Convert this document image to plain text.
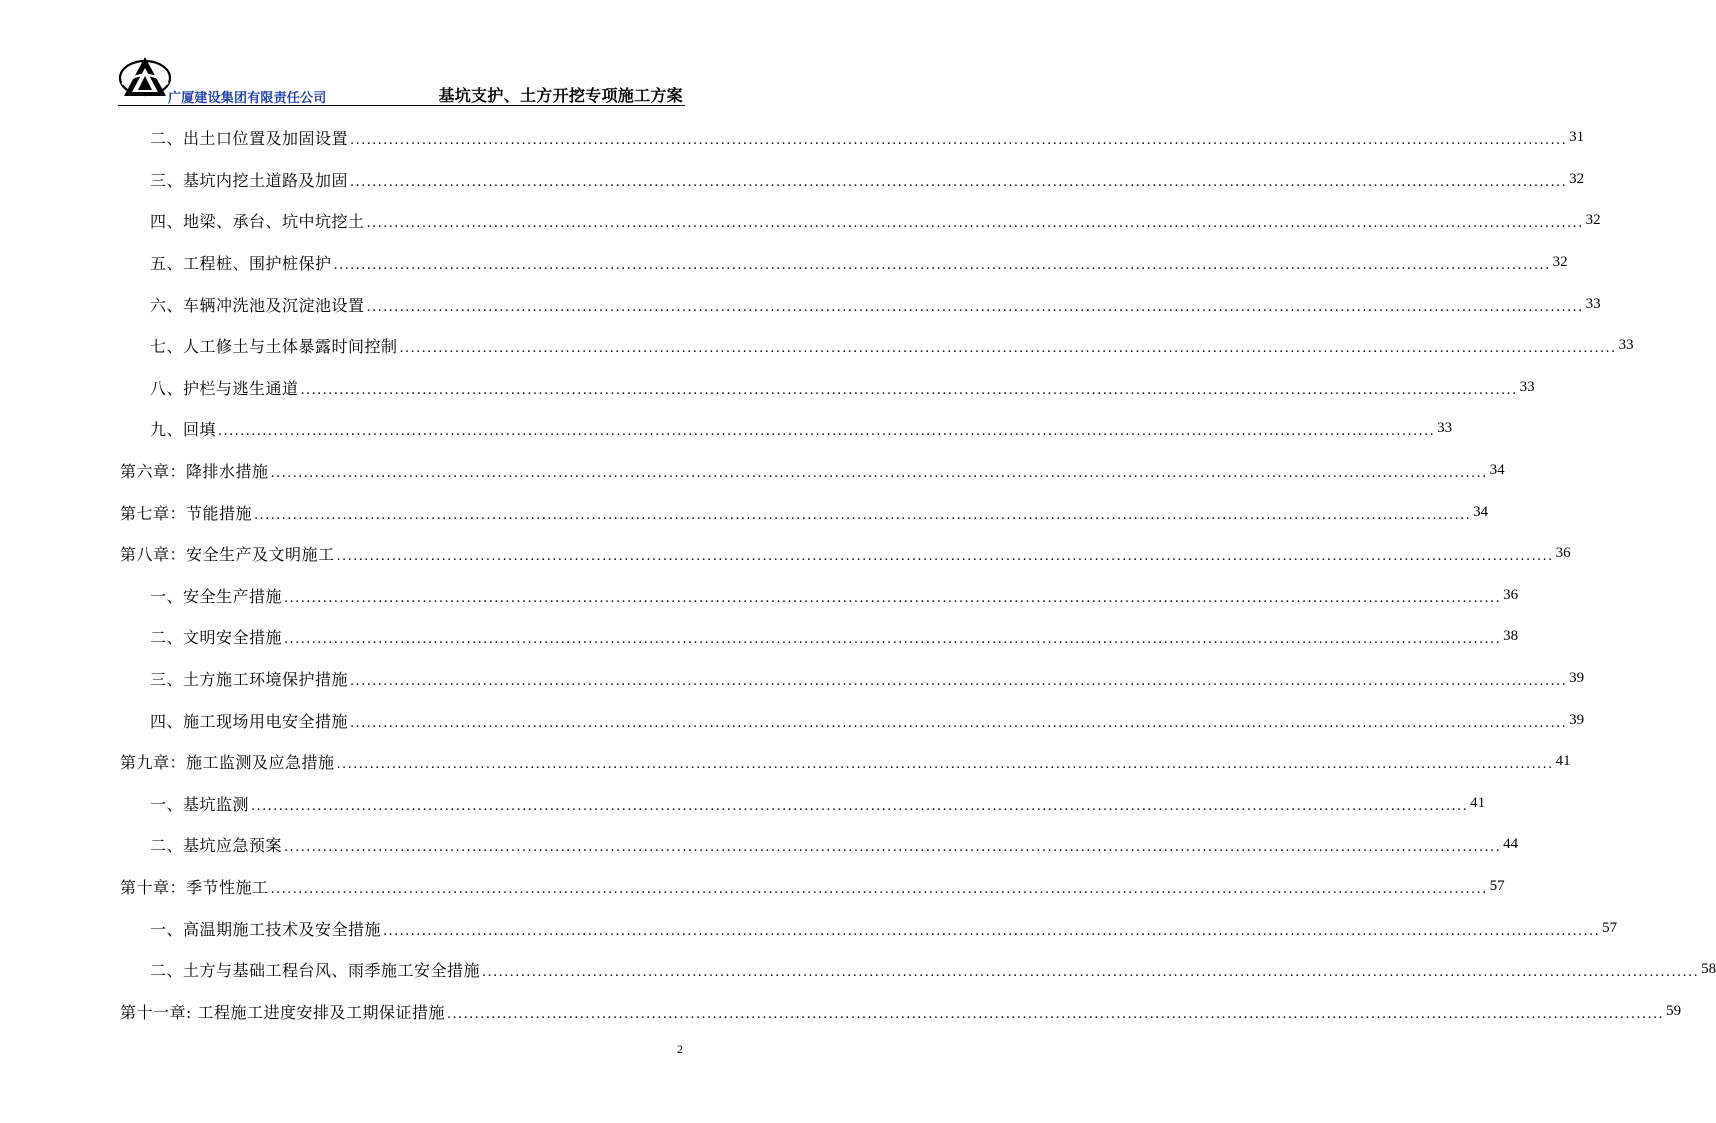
广厦建设集团有限责任公司	基坑支护、土方开挖专项施工方案
二、出土口位置及加固设置 ............................................................................................................................................................................................................................ 31
三、基坑内挖土道路及加固 ............................................................................................................................................................................................................................ 32
四、地梁、承台、坑中坑挖土 ............................................................................................................................................................................................................................ 32
五、工程桩、围护桩保护 ............................................................................................................................................................................................................................ 32
六、车辆冲洗池及沉淀池设置 ............................................................................................................................................................................................................................ 33
七、人工修土与土体暴露时间控制 ............................................................................................................................................................................................................................ 33
八、护栏与逃生通道 ............................................................................................................................................................................................................................ 33
九、回填 ............................................................................................................................................................................................................................ 33
第六章：降排水措施 ............................................................................................................................................................................................................................ 34
第七章：节能措施 ............................................................................................................................................................................................................................ 34
第八章：安全生产及文明施工 ............................................................................................................................................................................................................................ 36
一、安全生产措施 ............................................................................................................................................................................................................................ 36
二、文明安全措施 ............................................................................................................................................................................................................................ 38
三、土方施工环境保护措施 ............................................................................................................................................................................................................................ 39
四、施工现场用电安全措施 ............................................................................................................................................................................................................................ 39
第九章：施工监测及应急措施 ............................................................................................................................................................................................................................ 41
一、基坑监测 ............................................................................................................................................................................................................................ 41
二、基坑应急预案 ............................................................................................................................................................................................................................ 44
第十章：季节性施工 ............................................................................................................................................................................................................................ 57
一、高温期施工技术及安全措施 ............................................................................................................................................................................................................................ 57
二、土方与基础工程台风、雨季施工安全措施 ............................................................................................................................................................................................................................ 58
第十一章: 工程施工进度安排及工期保证措施 ............................................................................................................................................................................................................................ 59
2
